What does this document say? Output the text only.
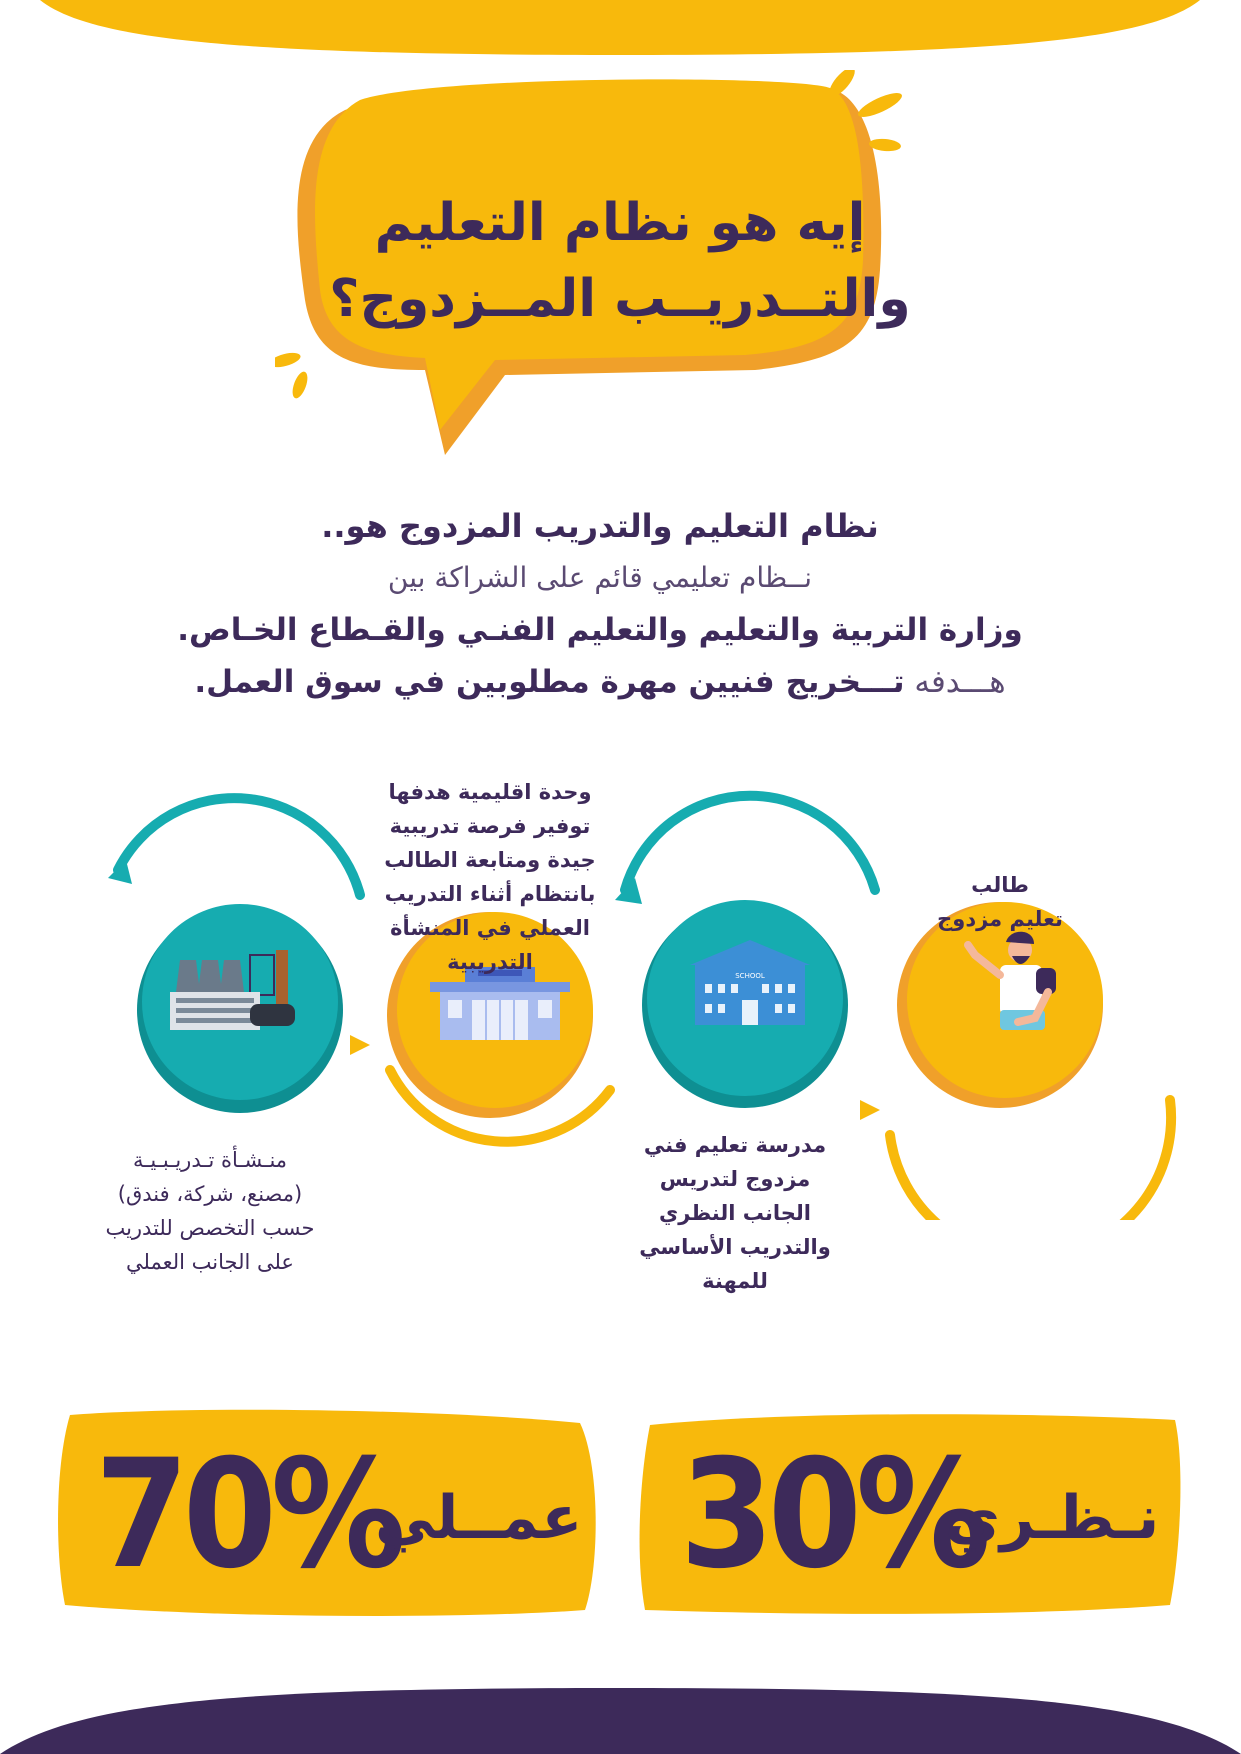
إيه هو نظام التعليم
والتــدريــب المــزدوج؟
نظام التعليم والتدريب المزدوج هو..
نــظام تعليمي قائم على الشراكة بين
وزارة التربية والتعليم والتعليم الفنـي والقـطاع الخـاص.
هـــدفه تـــخريج فنيين مهرة مطلوبين في سوق العمل.
SCHOOL
طالب
تعليم مزدوج
مدرسة تعليم فني
مزدوج لتدريس
الجانب النظري
والتدريب الأساسي
للمهنة
وحدة اقليمية هدفها
توفير فرصة تدريبية
جيدة ومتابعة الطالب
بانتظام أثناء التدريب
العملي في المنشأة
التدريبية
منـشـأة تـدريـبـيـة
(مصنع، شركة، فندق)
حسب التخصص للتدريب
على الجانب العملي
70%
عمــلي 30%
نـظـري
